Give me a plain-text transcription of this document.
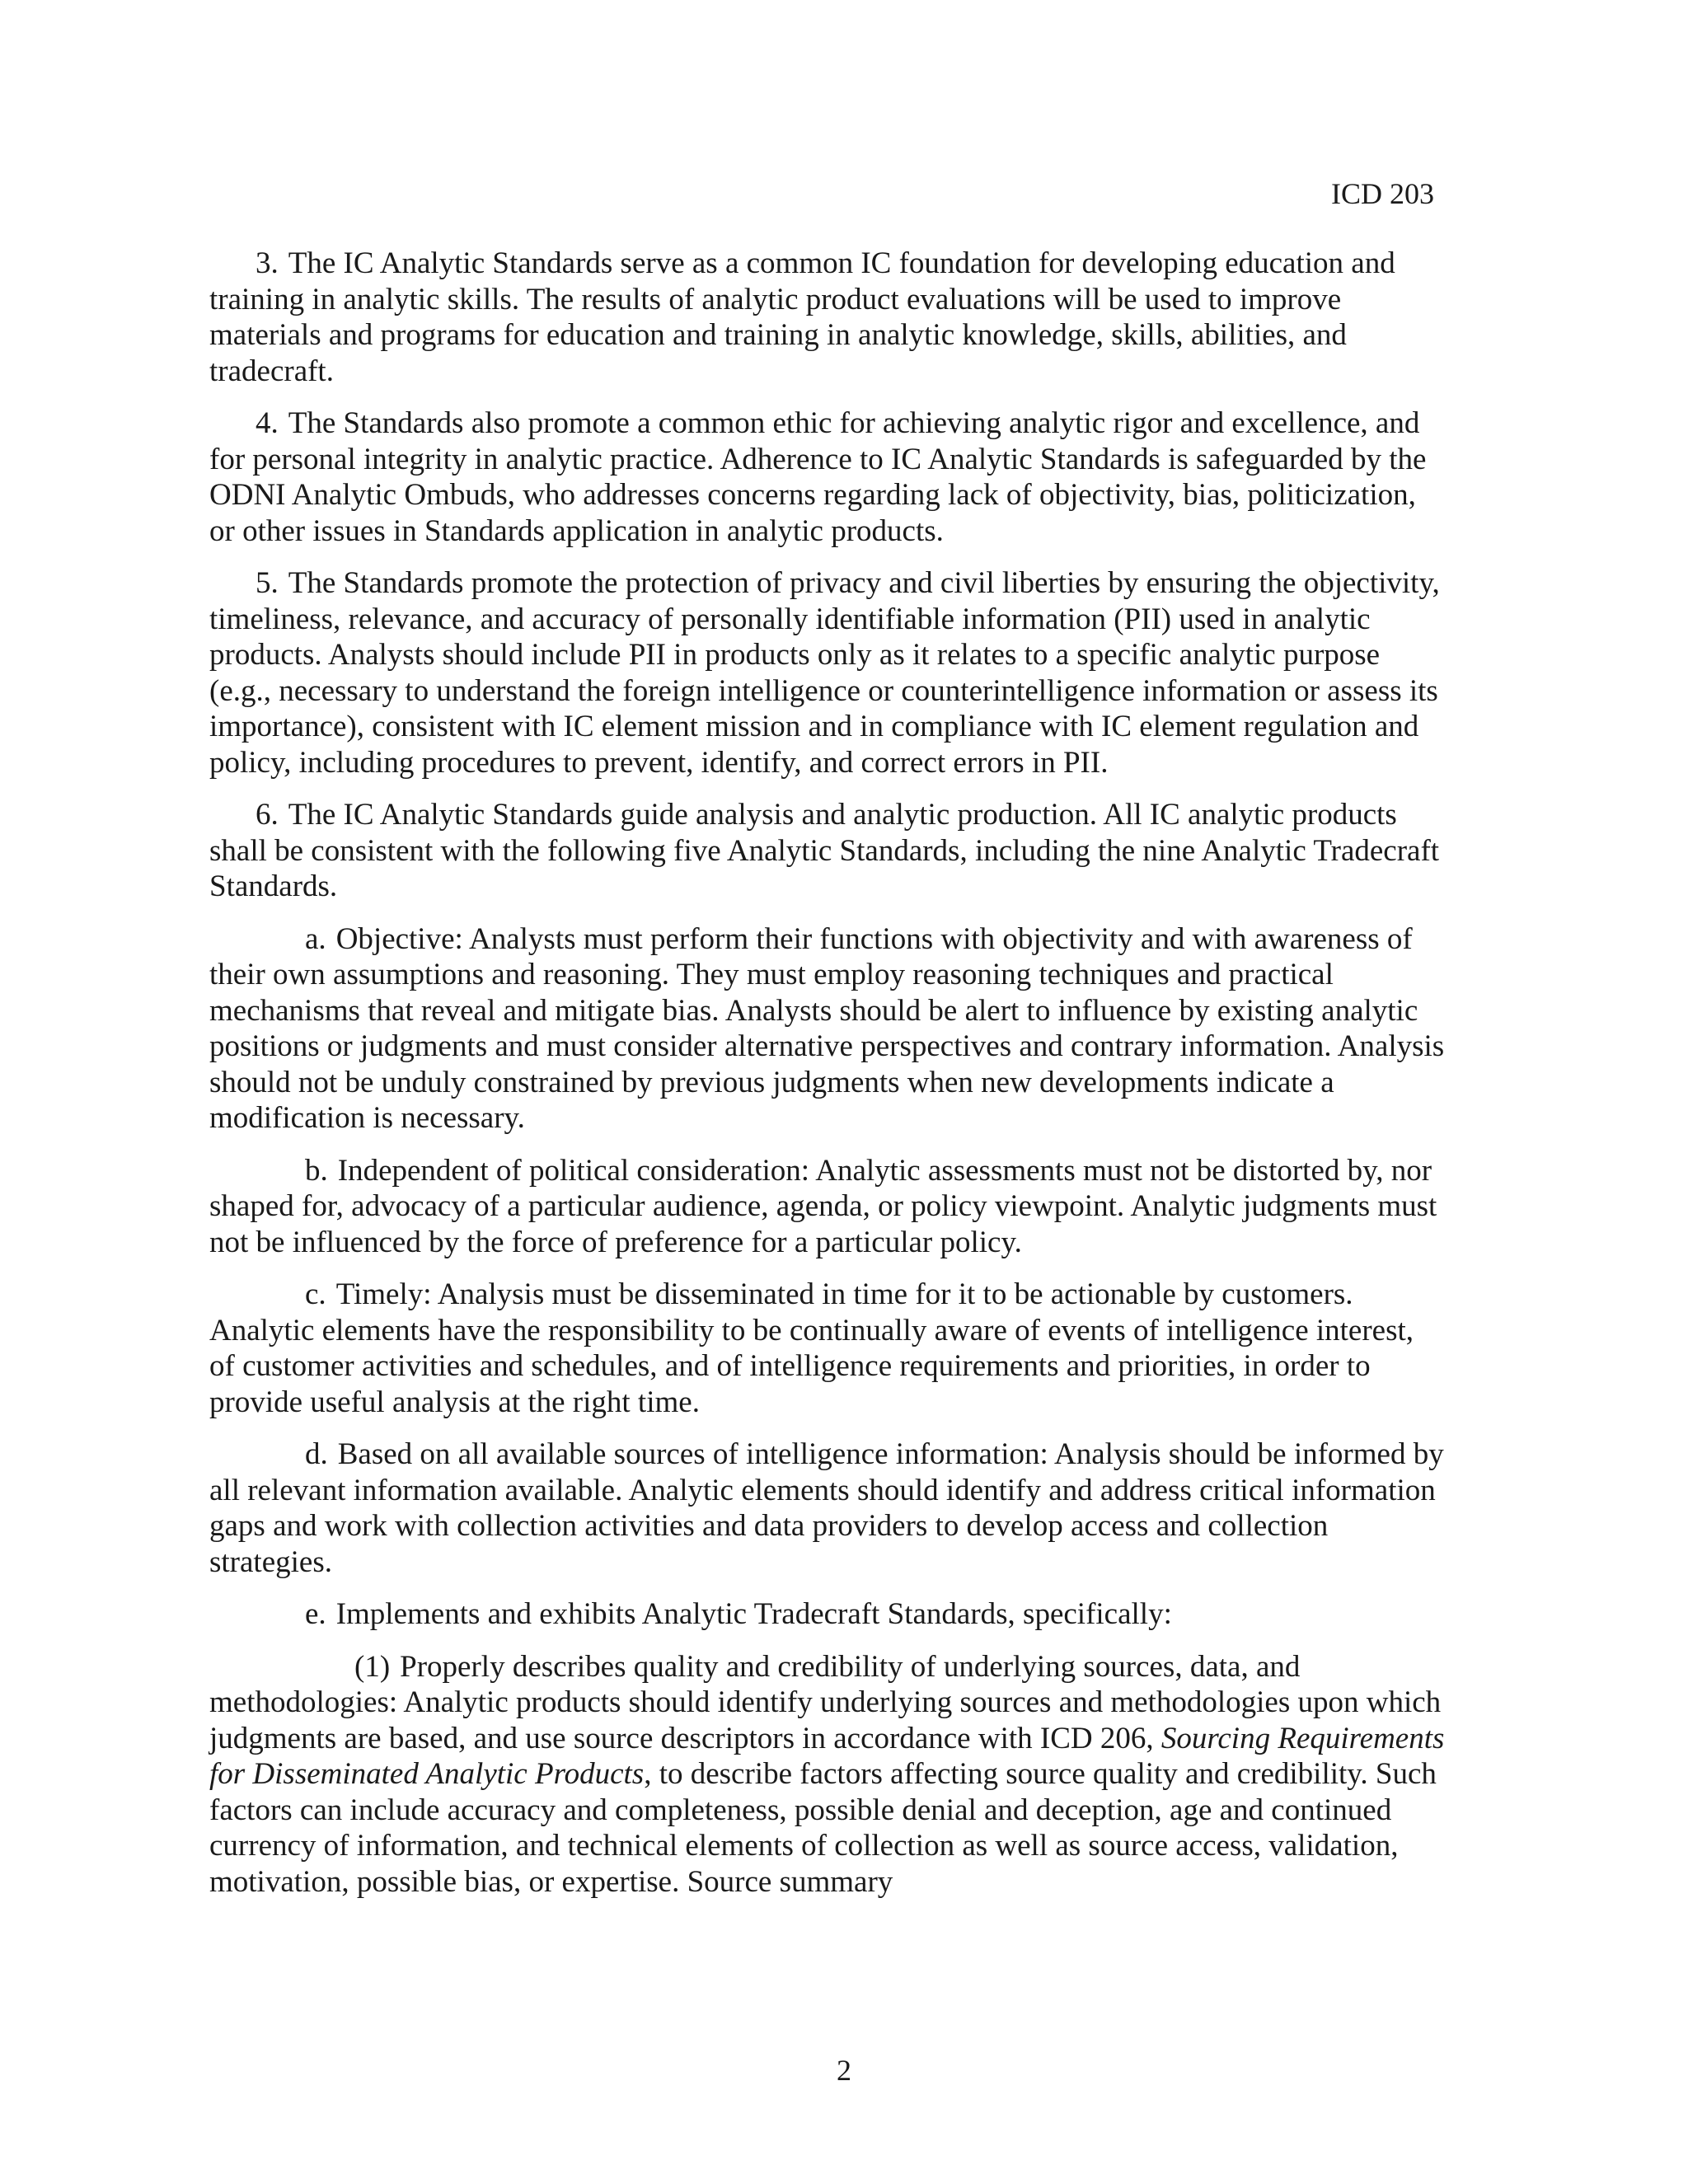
ICD 203

3. The IC Analytic Standards serve as a common IC foundation for developing education and training in analytic skills. The results of analytic product evaluations will be used to improve materials and programs for education and training in analytic knowledge, skills, abilities, and tradecraft.

4. The Standards also promote a common ethic for achieving analytic rigor and excellence, and for personal integrity in analytic practice. Adherence to IC Analytic Standards is safeguarded by the ODNI Analytic Ombuds, who addresses concerns regarding lack of objectivity, bias, politicization, or other issues in Standards application in analytic products.

5. The Standards promote the protection of privacy and civil liberties by ensuring the objectivity, timeliness, relevance, and accuracy of personally identifiable information (PII) used in analytic products. Analysts should include PII in products only as it relates to a specific analytic purpose (e.g., necessary to understand the foreign intelligence or counterintelligence information or assess its importance), consistent with IC element mission and in compliance with IC element regulation and policy, including procedures to prevent, identify, and correct errors in PII.

6. The IC Analytic Standards guide analysis and analytic production. All IC analytic products shall be consistent with the following five Analytic Standards, including the nine Analytic Tradecraft Standards.

a. Objective: Analysts must perform their functions with objectivity and with awareness of their own assumptions and reasoning. They must employ reasoning techniques and practical mechanisms that reveal and mitigate bias. Analysts should be alert to influence by existing analytic positions or judgments and must consider alternative perspectives and contrary information. Analysis should not be unduly constrained by previous judgments when new developments indicate a modification is necessary.

b. Independent of political consideration: Analytic assessments must not be distorted by, nor shaped for, advocacy of a particular audience, agenda, or policy viewpoint. Analytic judgments must not be influenced by the force of preference for a particular policy.

c. Timely: Analysis must be disseminated in time for it to be actionable by customers. Analytic elements have the responsibility to be continually aware of events of intelligence interest, of customer activities and schedules, and of intelligence requirements and priorities, in order to provide useful analysis at the right time.

d. Based on all available sources of intelligence information: Analysis should be informed by all relevant information available. Analytic elements should identify and address critical information gaps and work with collection activities and data providers to develop access and collection strategies.

e. Implements and exhibits Analytic Tradecraft Standards, specifically:

(1) Properly describes quality and credibility of underlying sources, data, and methodologies: Analytic products should identify underlying sources and methodologies upon which judgments are based, and use source descriptors in accordance with ICD 206, Sourcing Requirements for Disseminated Analytic Products, to describe factors affecting source quality and credibility. Such factors can include accuracy and completeness, possible denial and deception, age and continued currency of information, and technical elements of collection as well as source access, validation, motivation, possible bias, or expertise. Source summary

2
